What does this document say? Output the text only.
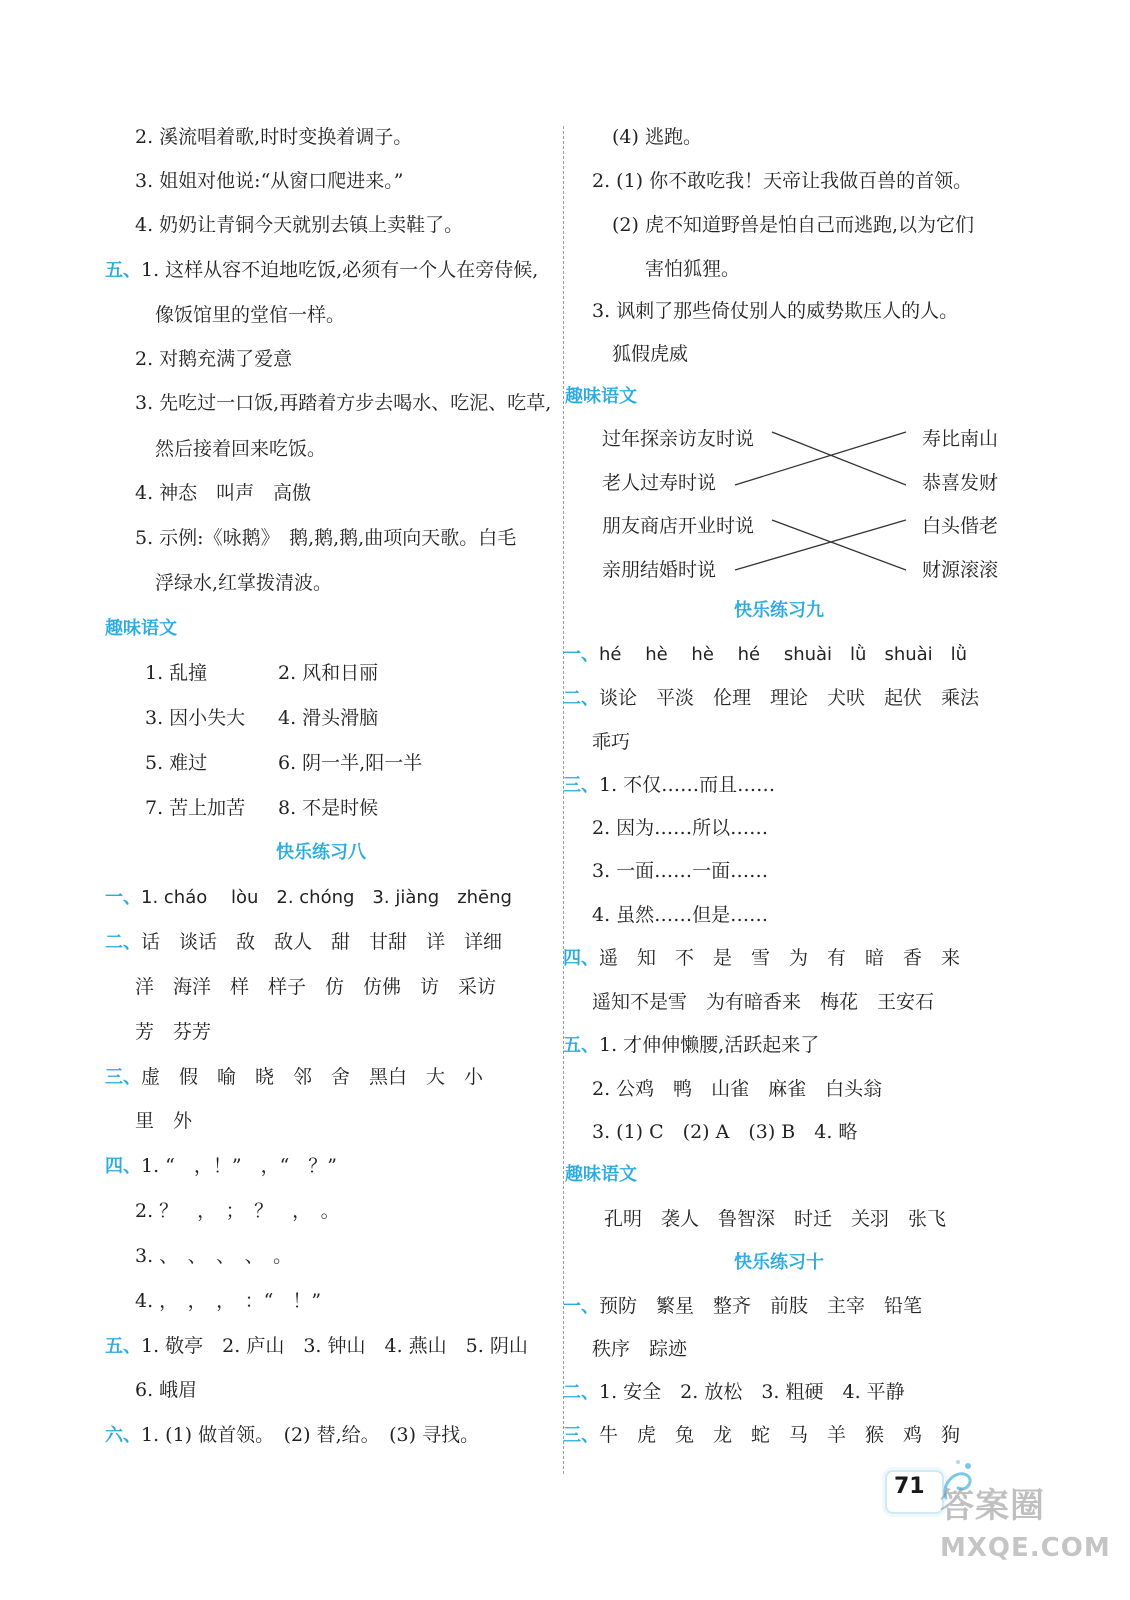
2. 溪流唱着歌,时时变换着调子。
3. 姐姐对他说:“从窗口爬进来。”
4. 奶奶让青铜今天就别去镇上卖鞋了。
五、1. 这样从容不迫地吃饭,必须有一个人在旁侍候,
像饭馆里的堂倌一样。
2. 对鹅充满了爱意
3. 先吃过一口饭,再踏着方步去喝水、吃泥、吃草,
然后接着回来吃饭。
4. 神态　叫声　高傲
5. 示例:《咏鹅》　鹅,鹅,鹅,曲项向天歌。白毛
浮绿水,红掌拨清波。
趣味语文
1. 乱撞	2. 风和日丽
3. 因小失大 4. 滑头滑脑
5. 难过	6. 阴一半,阳一半
7. 苦上加苦 8. 不是时候
快乐练习八
一、1. cháo　 lòu　2. chóng　3. jiàng　zhēng
二、话　谈话　敌　敌人　甜　甘甜　详　详细
洋　海洋　样　样子　仿　仿佛　访　采访
芳　芬芳
三、虚　假　喻　晓　邻　舍　黑白　大　小
里　外
四、1. “　，！”　，“　？”
2. ？　，　；　？　，　。
3. 、　、　、　、　。
4. ，　，　，　：“　！”
五、1. 敬亭　2. 庐山　3. 钟山　4. 燕山　5. 阴山
6. 峨眉
六、1. (1) 做首领。　(2) 替,给。　(3) 寻找。
(4) 逃跑。
2. (1) 你不敢吃我！天帝让我做百兽的首领。
(2) 虎不知道野兽是怕自己而逃跑,以为它们
害怕狐狸。
3. 讽刺了那些倚仗别人的威势欺压人的人。
狐假虎威
趣味语文
过年探亲访友时说
老人过寿时说
朋友商店开业时说
亲朋结婚时说
寿比南山
恭喜发财
白头偕老
财源滚滚
快乐练习九
一、hé　 hè　 hè　 hé　 shuài　lǜ　shuài　lǜ
二、谈论　平淡　伦理　理论　犬吠　起伏　乘法
乖巧
三、1. 不仅……而且……
2. 因为……所以……
3. 一面……一面……
4. 虽然……但是……
四、遥　知　不　是　雪　为　有　暗　香　来
遥知不是雪　为有暗香来　梅花　王安石
五、1. 才伸伸懒腰,活跃起来了
2. 公鸡　鸭　山雀　麻雀　白头翁
3. (1) C　(2) A　(3) B　4. 略
趣味语文
孔明　袭人　鲁智深　时迁　关羽　张飞
快乐练习十
一、预防　繁星　整齐　前肢　主宰　铅笔
秩序　踪迹
二、1. 安全　2. 放松　3. 粗硬　4. 平静
三、牛　虎　兔　龙　蛇　马　羊　猴　鸡　狗
71 答案圈
MXQE.COM
